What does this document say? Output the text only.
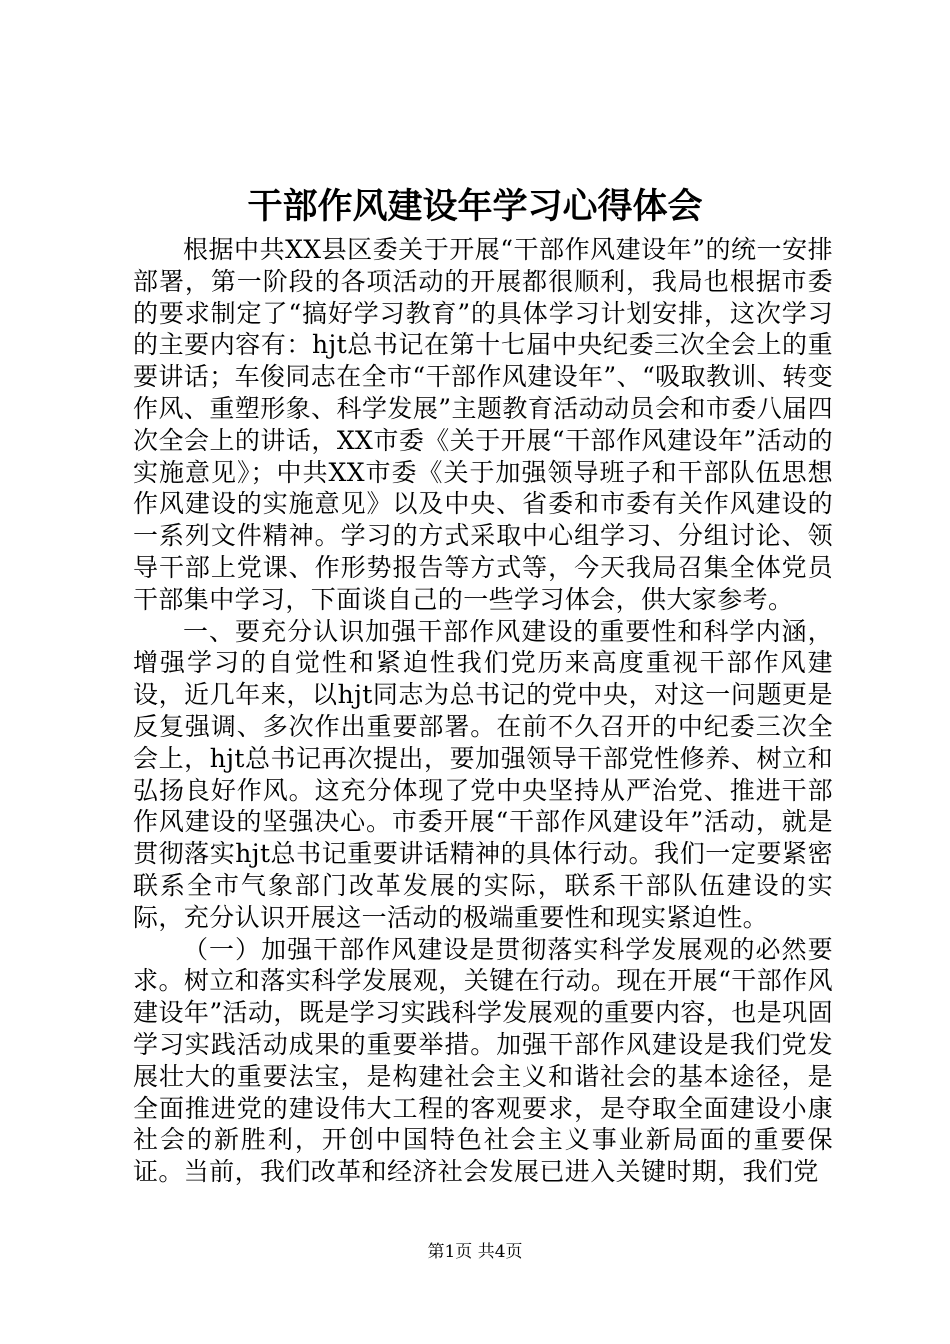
干部作风建设年学习心得体会

根据中共XX县区委关于开展“干部作风建设年”的统一安排部署，第一阶段的各项活动的开展都很顺利，我局也根据市委的要求制定了“搞好学习教育”的具体学习计划安排，这次学习的主要内容有：hjt总书记在第十七届中央纪委三次全会上的重要讲话；车俊同志在全市“干部作风建设年”、“吸取教训、转变作风、重塑形象、科学发展”主题教育活动动员会和市委八届四次全会上的讲话，XX市委《关于开展“干部作风建设年”活动的实施意见》；中共XX市委《关于加强领导班子和干部队伍思想作风建设的实施意见》以及中央、省委和市委有关作风建设的一系列文件精神。学习的方式采取中心组学习、分组讨论、领导干部上党课、作形势报告等方式等，今天我局召集全体党员干部集中学习，下面谈自己的一些学习体会，供大家参考。

一、要充分认识加强干部作风建设的重要性和科学内涵，增强学习的自觉性和紧迫性我们党历来高度重视干部作风建设，近几年来，以hjt同志为总书记的党中央，对这一问题更是反复强调、多次作出重要部署。在前不久召开的中纪委三次全会上，hjt总书记再次提出，要加强领导干部党性修养、树立和弘扬良好作风。这充分体现了党中央坚持从严治党、推进干部作风建设的坚强决心。市委开展“干部作风建设年”活动，就是贯彻落实hjt总书记重要讲话精神的具体行动。我们一定要紧密联系全市气象部门改革发展的实际，联系干部队伍建设的实际，充分认识开展这一活动的极端重要性和现实紧迫性。

（一）加强干部作风建设是贯彻落实科学发展观的必然要求。树立和落实科学发展观，关键在行动。现在开展“干部作风建设年”活动，既是学习实践科学发展观的重要内容，也是巩固学习实践活动成果的重要举措。加强干部作风建设是我们党发展壮大的重要法宝，是构建社会主义和谐社会的基本途径，是全面推进党的建设伟大工程的客观要求，是夺取全面建设小康社会的新胜利，开创中国特色社会主义事业新局面的重要保证。当前，我们改革和经济社会发展已进入关键时期，我们党

第1页 共4页
